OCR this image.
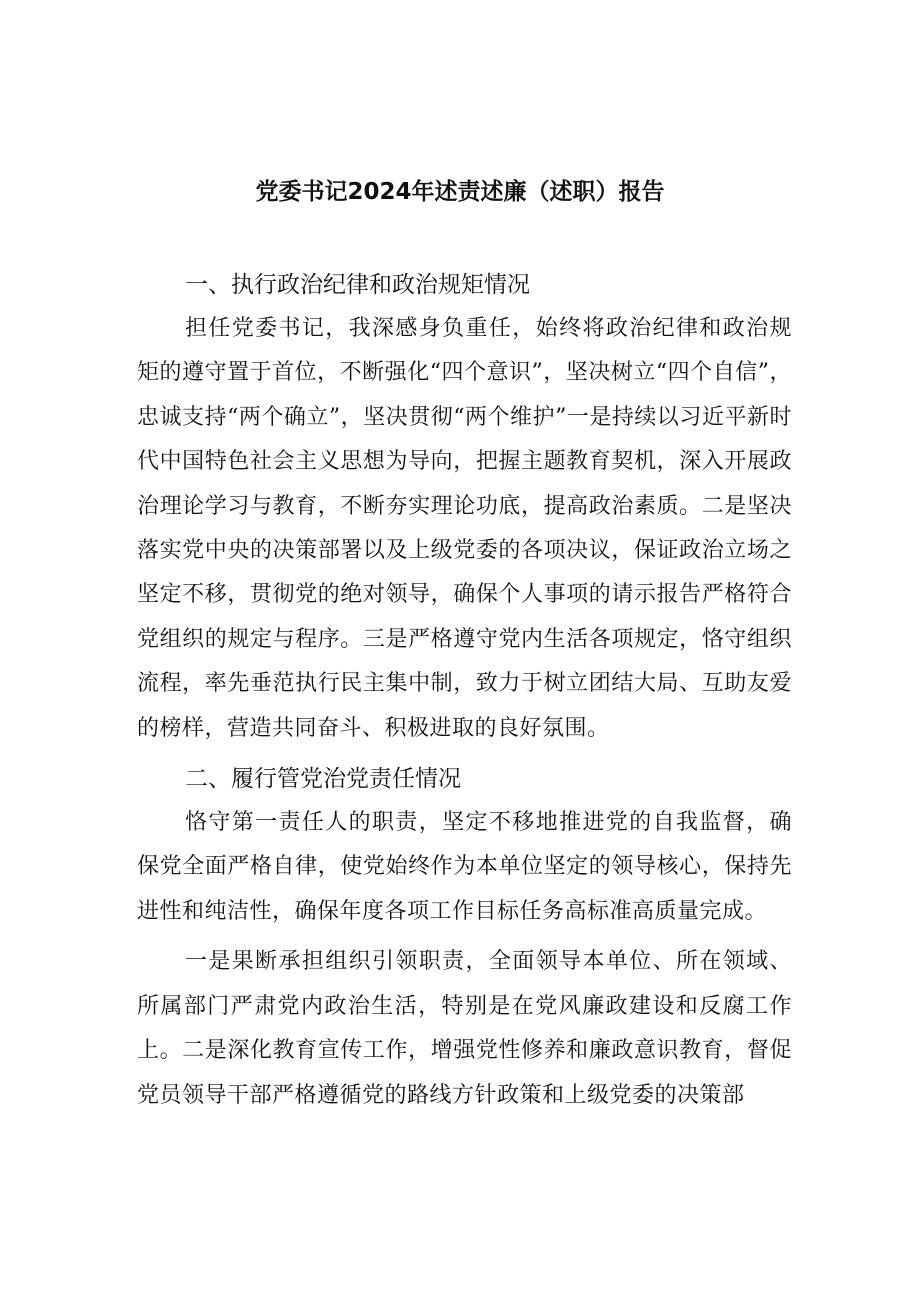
党委书记2024年述责述廉（述职）报告

一、执行政治纪律和政治规矩情况

担任党委书记，我深感身负重任，始终将政治纪律和政治规矩的遵守置于首位，不断强化“四个意识”，坚决树立“四个自信”，忠诚支持“两个确立”，坚决贯彻“两个维护”一是持续以习近平新时代中国特色社会主义思想为导向，把握主题教育契机，深入开展政治理论学习与教育，不断夯实理论功底，提高政治素质。二是坚决落实党中央的决策部署以及上级党委的各项决议，保证政治立场之坚定不移，贯彻党的绝对领导，确保个人事项的请示报告严格符合党组织的规定与程序。三是严格遵守党内生活各项规定，恪守组织流程，率先垂范执行民主集中制，致力于树立团结大局、互助友爱的榜样，营造共同奋斗、积极进取的良好氛围。

二、履行管党治党责任情况

恪守第一责任人的职责，坚定不移地推进党的自我监督，确保党全面严格自律，使党始终作为本单位坚定的领导核心，保持先进性和纯洁性，确保年度各项工作目标任务高标准高质量完成。

一是果断承担组织引领职责，全面领导本单位、所在领域、所属部门严肃党内政治生活，特别是在党风廉政建设和反腐工作上。二是深化教育宣传工作，增强党性修养和廉政意识教育，督促党员领导干部严格遵循党的路线方针政策和上级党委的决策部
